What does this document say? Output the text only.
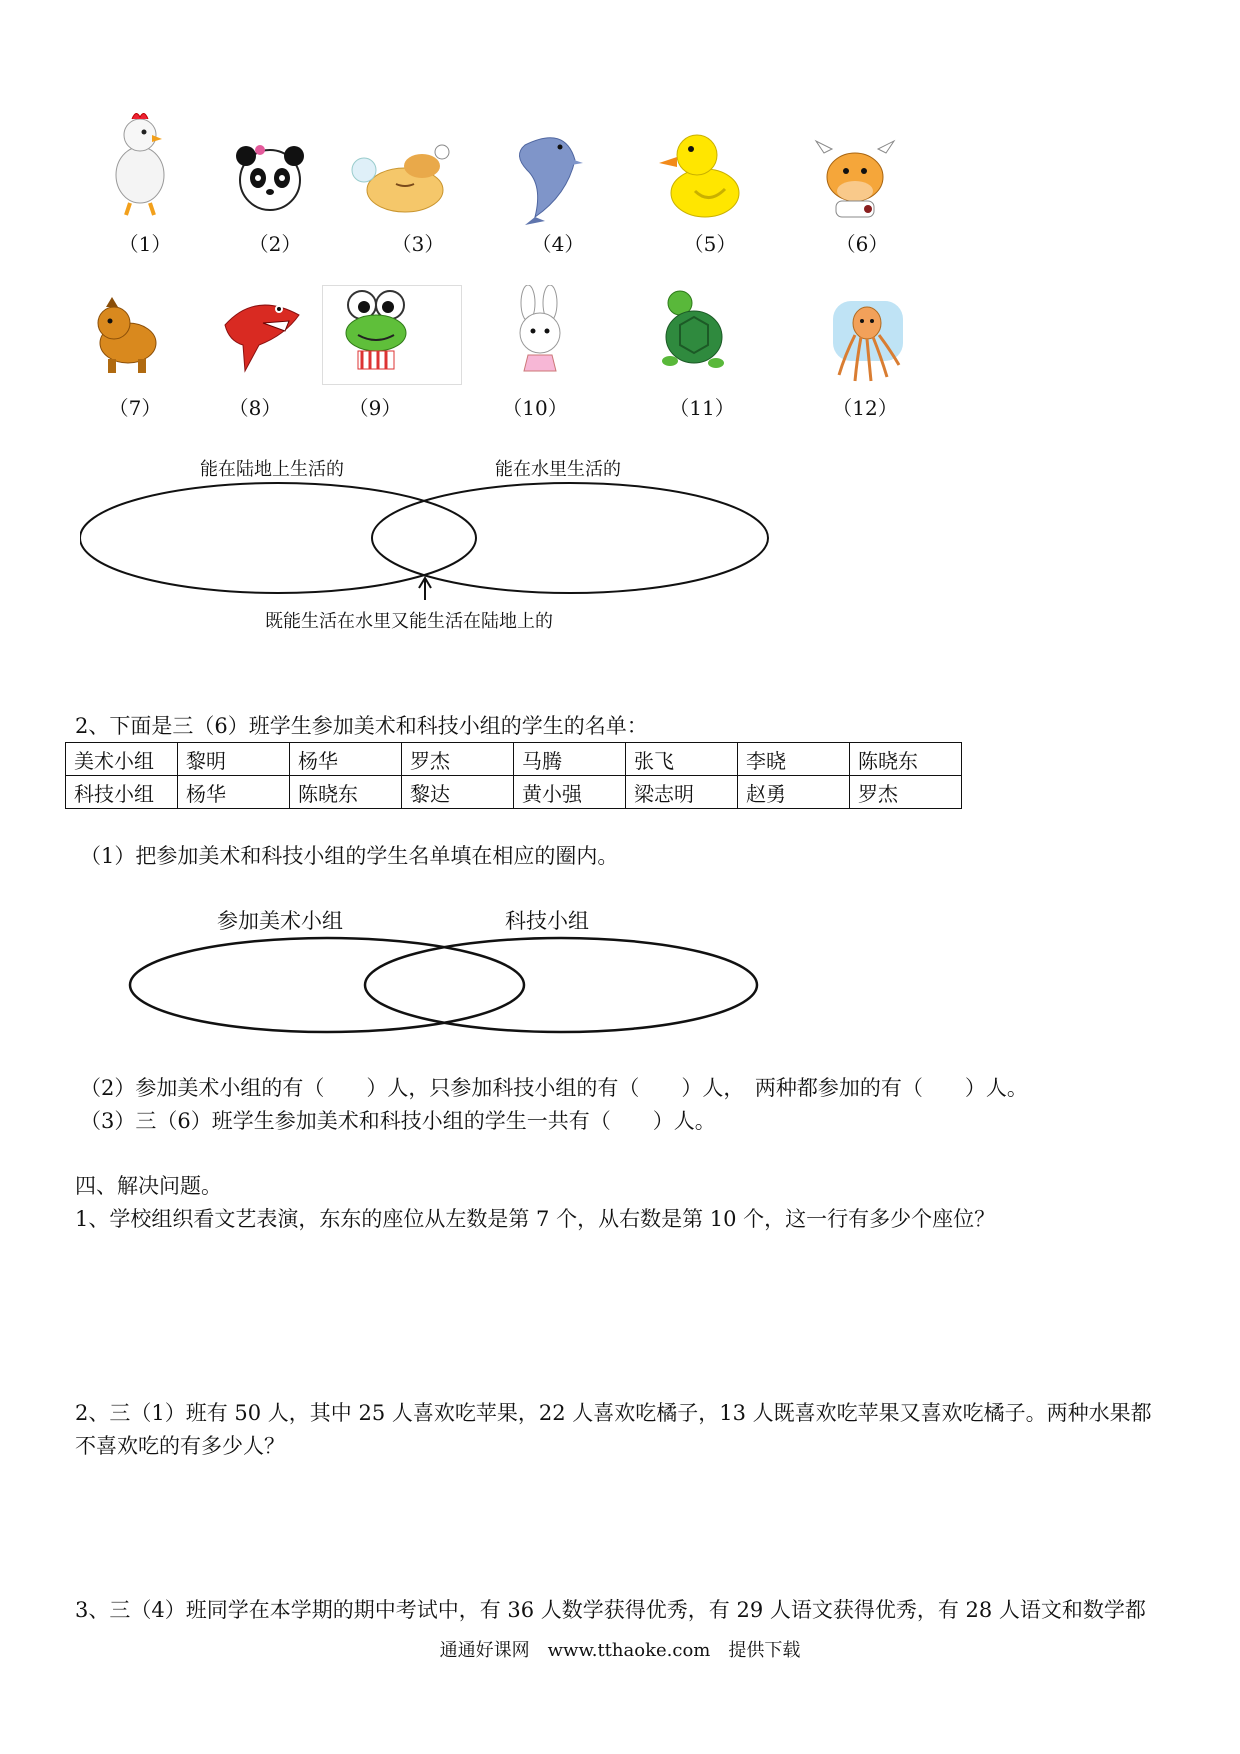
（1）	（2）	（3）	（4）	（5）	（6）
（7）	（8）	（9）	（10）	（11）	（12）
能在陆地上生活的	能在水里生活的
既能生活在水里又能生活在陆地上的
2、下面是三（6）班学生参加美术和科技小组的学生的名单：
美术小组	黎明	杨华	罗杰	马腾	张飞	李晓	陈晓东
科技小组	杨华	陈晓东	黎达	黄小强	梁志明	赵勇	罗杰
（1）把参加美术和科技小组的学生名单填在相应的圈内。
参加美术小组	科技小组
（2）参加美术小组的有（　　）人，只参加科技小组的有（　　）人，　两种都参加的有（　　）人。
（3）三（6）班学生参加美术和科技小组的学生一共有（　　）人。
四、解决问题。
1、学校组织看文艺表演，东东的座位从左数是第 7 个，从右数是第 10 个，这一行有多少个座位？
2、三（1）班有 50 人，其中 25 人喜欢吃苹果，22 人喜欢吃橘子，13 人既喜欢吃苹果又喜欢吃橘子。两种水果都
不喜欢吃的有多少人？
3、三（4）班同学在本学期的期中考试中，有 36 人数学获得优秀，有 29 人语文获得优秀，有 28 人语文和数学都
通通好课网　www.tthaoke.com　提供下载
